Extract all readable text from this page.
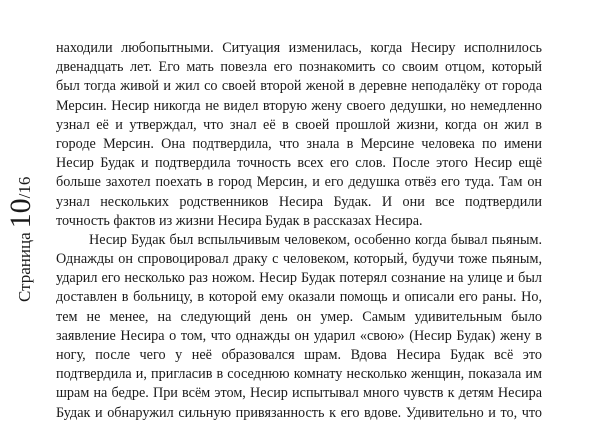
Страница
10
/
16
находили любопытными. Ситуация изменилась, когда Несиру исполнилось
двенадцать лет. Его мать повезла его познакомить со своим отцом, который
был тогда живой и жил со своей второй женой в деревне неподалёку от города
Мерсин. Несир никогда не видел вторую жену своего дедушки, но немедленно
узнал её и утверждал, что знал её в своей прошлой жизни, когда он жил в
городе Мерсин. Она подтвердила, что знала в Мерсине человека по имени
Несир Будак и подтвердила точность всех его слов. После этого Несир ещё
больше захотел поехать в город Мерсин, и его дедушка отвёз его туда. Там он
узнал нескольких родственников Несира Будак. И они все подтвердили
точность фактов из жизни Несира Будак в рассказах Несира.
Несир Будак был вспыльчивым человеком, особенно когда бывал пьяным.
Однажды он спровоцировал драку с человеком, который, будучи тоже пьяным,
ударил его несколько раз ножом. Несир Будак потерял сознание на улице и был
доставлен в больницу, в которой ему оказали помощь и описали его раны. Но,
тем не менее, на следующий день он умер. Самым удивительным было
заявление Несира о том, что однажды он ударил «свою» (Несир Будак) жену в
ногу, после чего у неё образовался шрам. Вдова Несира Будак всё это
подтвердила и, пригласив в соседнюю комнату несколько женщин, показала им
шрам на бедре. При всём этом, Несир испытывал много чувств к детям Несира
Будак и обнаружил сильную привязанность к его вдове. Удивительно и то, что
